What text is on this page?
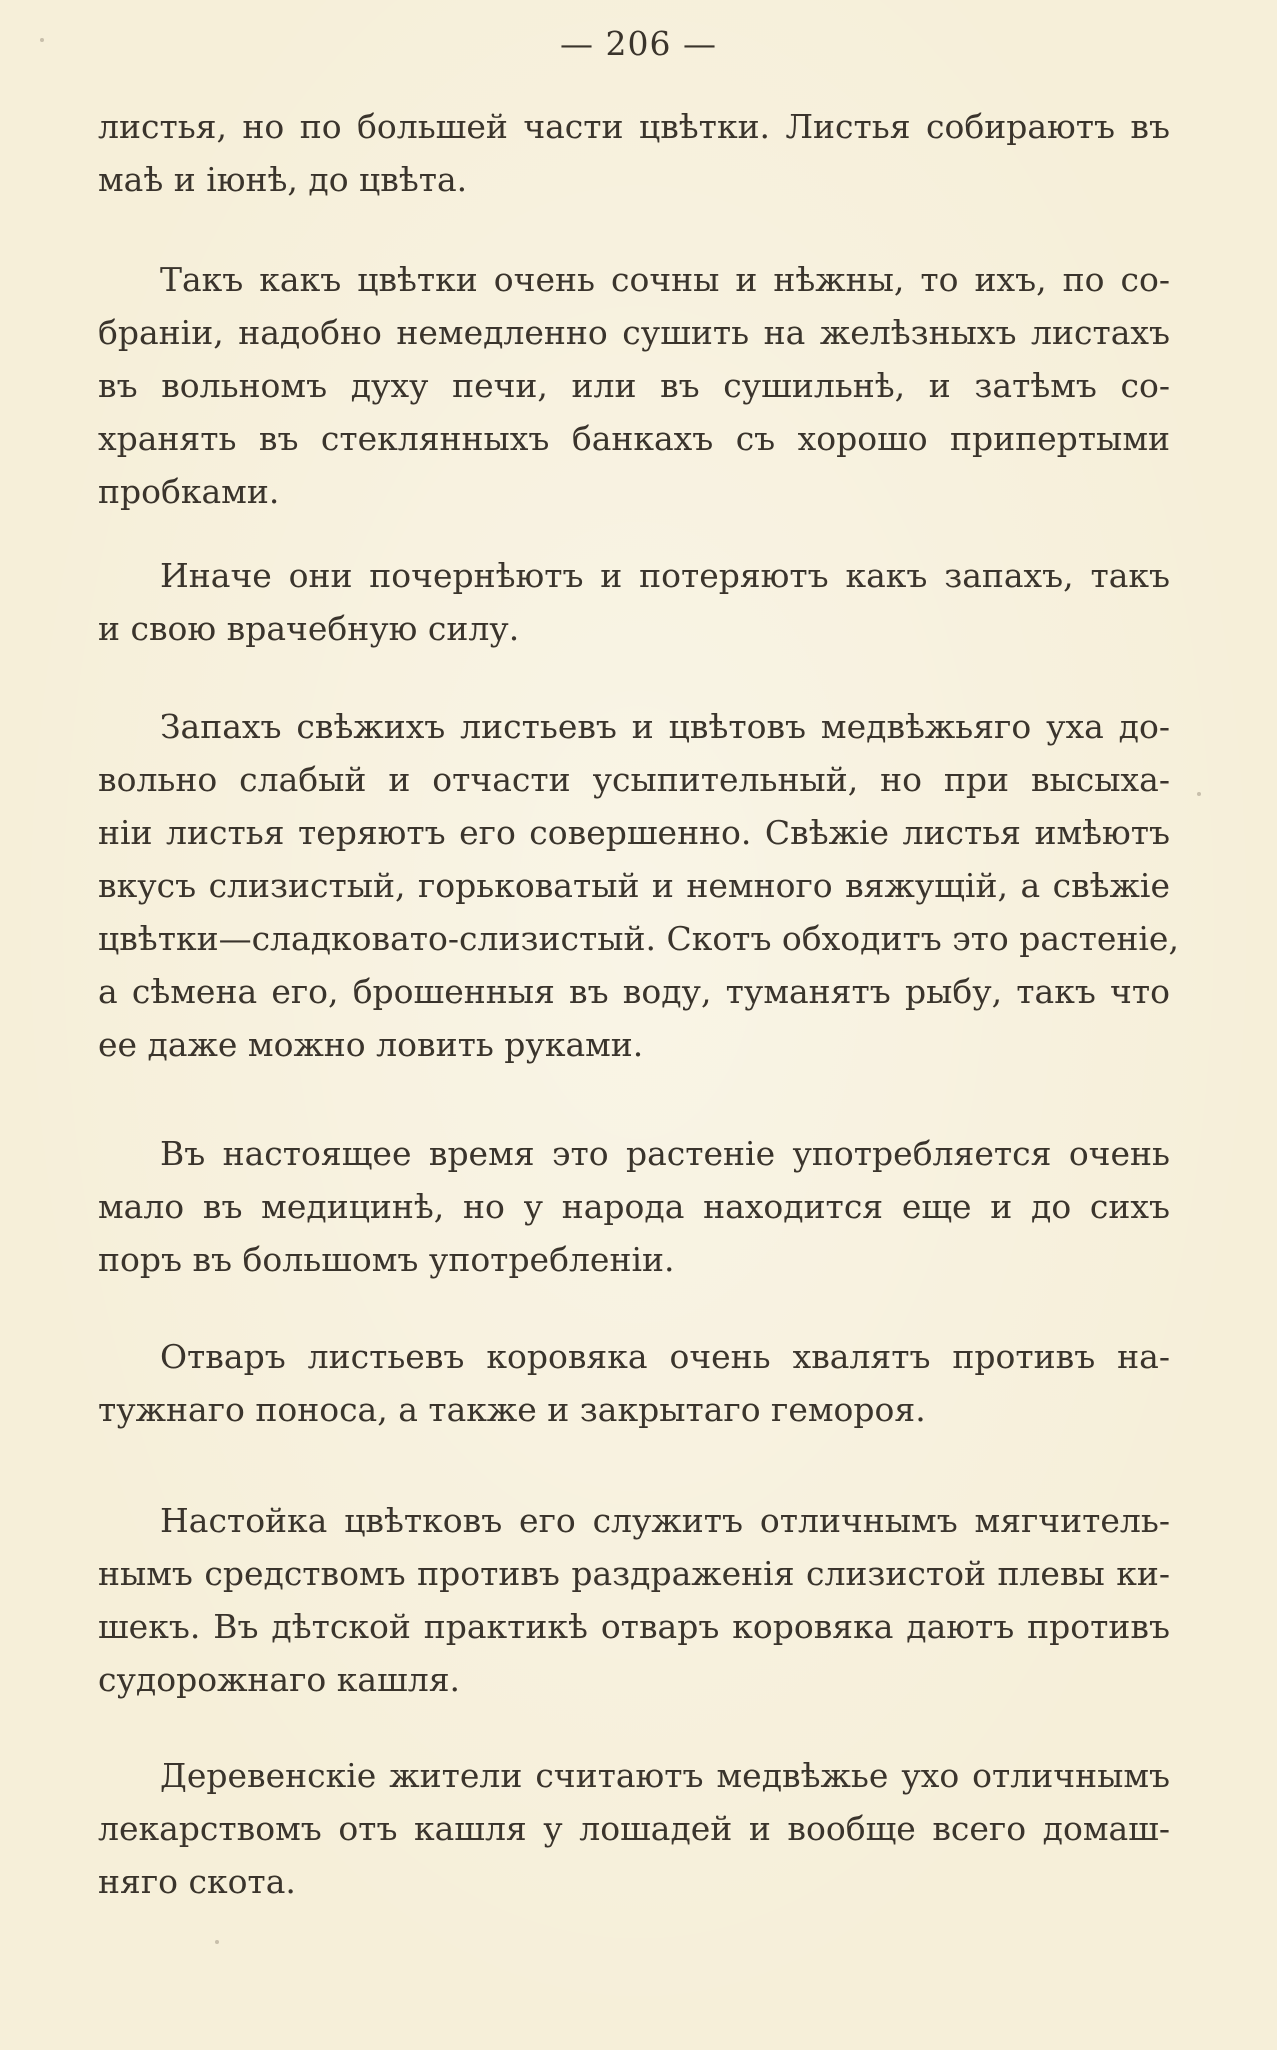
— 206 —
листья, но по большей части цвѣтки. Листья собираютъ въ
маѣ и іюнѣ, до цвѣта.
Такъ какъ цвѣтки очень сочны и нѣжны, то ихъ, по со-
браніи, надобно немедленно сушить на желѣзныхъ листахъ
въ вольномъ духу печи, или въ сушильнѣ, и затѣмъ со-
хранять въ стеклянныхъ банкахъ съ хорошо припертыми
пробками.
Иначе они почернѣютъ и потеряютъ какъ запахъ, такъ
и свою врачебную силу.
Запахъ свѣжихъ листьевъ и цвѣтовъ медвѣжьяго уха до-
вольно слабый и отчасти усыпительный, но при высыха-
ніи листья теряютъ его совершенно. Свѣжіе листья имѣютъ
вкусъ слизистый, горьковатый и немного вяжущій, а свѣжіе
цвѣтки—сладковато-слизистый. Скотъ обходитъ это растеніе,
а сѣмена его, брошенныя въ воду, туманятъ рыбу, такъ что
ее даже можно ловить руками.
Въ настоящее время это растеніе употребляется очень
мало въ медицинѣ, но у народа находится еще и до сихъ
поръ въ большомъ употребленіи.
Отваръ листьевъ коровяка очень хвалятъ противъ на-
тужнаго поноса, а также и закрытаго гемороя.
Настойка цвѣтковъ его служитъ отличнымъ мягчитель-
нымъ средствомъ противъ раздраженія слизистой плевы ки-
шекъ. Въ дѣтской практикѣ отваръ коровяка даютъ противъ
судорожнаго кашля.
Деревенскіе жители считаютъ медвѣжье ухо отличнымъ
лекарствомъ отъ кашля у лошадей и вообще всего домаш-
няго скота.
